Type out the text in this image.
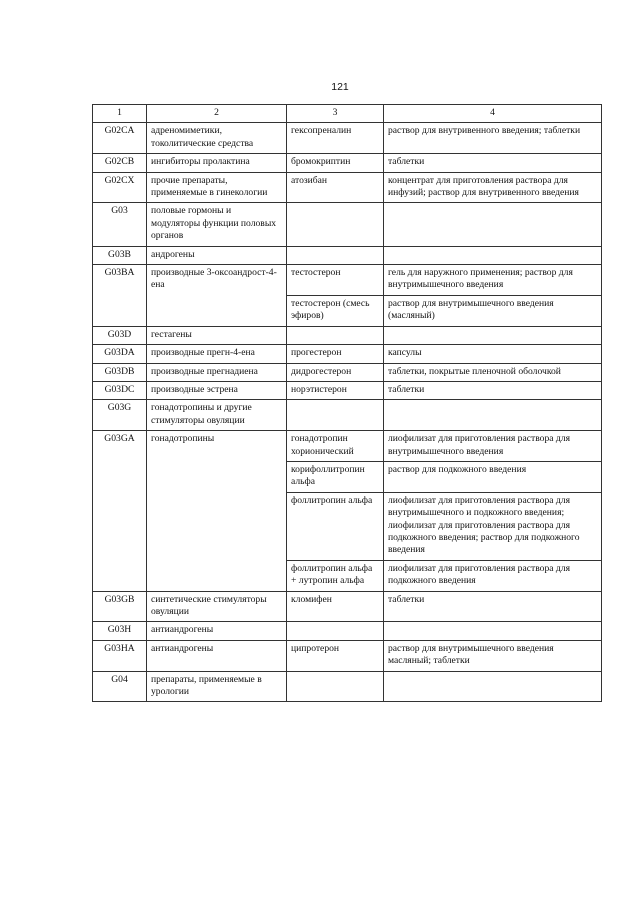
121
1	2	3	4
G02CA	адреномиметики, токолитические средства	гексопреналин	раствор для внутривенного введения; таблетки
G02CB	ингибиторы пролактина	бромокриптин	таблетки
G02CX	прочие препараты, применяемые в гинекологии	атозибан	концентрат для приготовления раствора для инфузий; раствор для внутривенного введения
G03	половые гормоны и модуляторы функции половых органов		
G03B	андрогены		
G03BA	производные 3-оксоандрост-4-ена	тестостерон	гель для наружного применения; раствор для внутримышечного введения
		тестостерон (смесь эфиров)	раствор для внутримышечного введения (масляный)
G03D	гестагены		
G03DA	производные прегн-4-ена	прогестерон	капсулы
G03DB	производные прегнадиена	дидрогестерон	таблетки, покрытые пленочной оболочкой
G03DC	производные эстрена	норэтистерон	таблетки
G03G	гонадотропины и другие стимуляторы овуляции		
G03GA	гонадотропины	гонадотропин хорионический	лиофилизат для приготовления раствора для внутримышечного введения
		корифоллитропин альфа	раствор для подкожного введения
		фоллитропин альфа	лиофилизат для приготовления раствора для внутримышечного и подкожного введения; лиофилизат для приготовления раствора для подкожного введения; раствор для подкожного введения
		фоллитропин альфа + лутропин альфа	лиофилизат для приготовления раствора для подкожного введения
G03GB	синтетические стимуляторы овуляции	кломифен	таблетки
G03H	антиандрогены		
G03HA	антиандрогены	ципротерон	раствор для внутримышечного введения масляный; таблетки
G04	препараты, применяемые в урологии		
